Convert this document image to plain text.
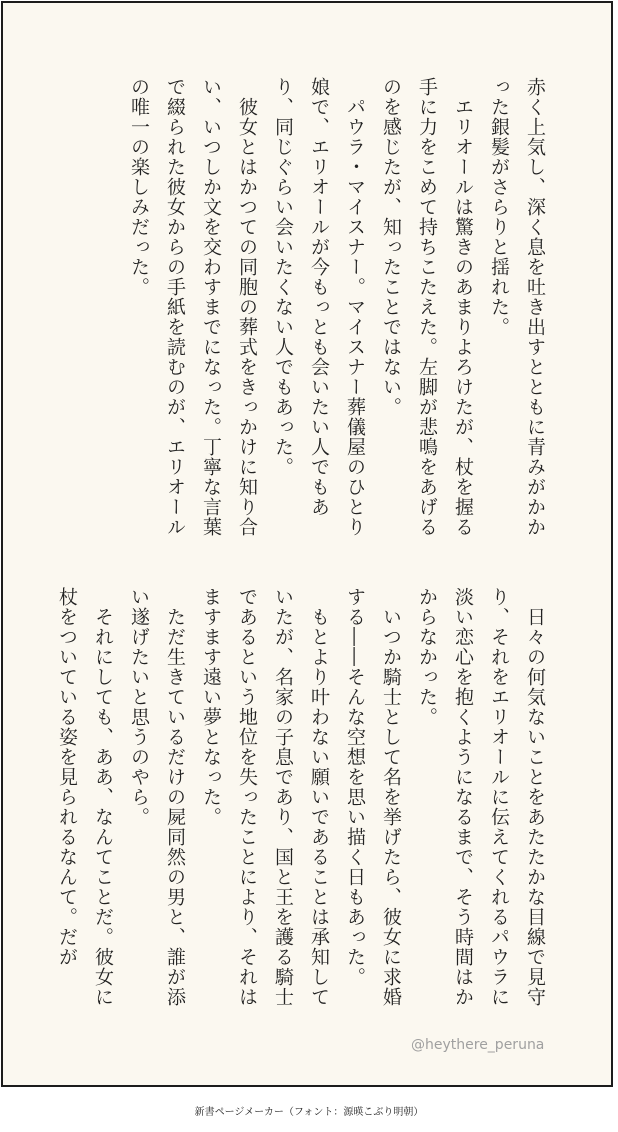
赤く上気し、深く息を吐き出すとともに青みがかかった銀髪がさらりと揺れた。
　エリオールは驚きのあまりよろけたが、杖を握る手に力をこめて持ちこたえた。左脚が悲鳴をあげるのを感じたが、知ったことではない。
　パウラ・マイスナー。マイスナー葬儀屋のひとり娘で、エリオールが今もっとも会いたい人でもあり、同じぐらい会いたくない人でもあった。
　彼女とはかつての同胞の葬式をきっかけに知り合い、いつしか文を交わすまでになった。丁寧な言葉で綴られた彼女からの手紙を読むのが、エリオールの唯一の楽しみだった。
　日々の何気ないことをあたたかな目線で見守り、それをエリオールに伝えてくれるパウラに淡い恋心を抱くようになるまで、そう時間はかからなかった。
　いつか騎士として名を挙げたら、彼女に求婚する――そんな空想を思い描く日もあった。
　もとより叶わない願いであることは承知していたが、名家の子息であり、国と王を護る騎士であるという地位を失ったことにより、それはますます遠い夢となった。
　ただ生きているだけの屍同然の男と、誰が添い遂げたいと思うのやら。
　それにしても、ああ、なんてことだ。彼女に杖をついている姿を見られるなんて。だが
@heythere_peruna
新書ページメーカー（フォント：源暎こぶり明朝）
